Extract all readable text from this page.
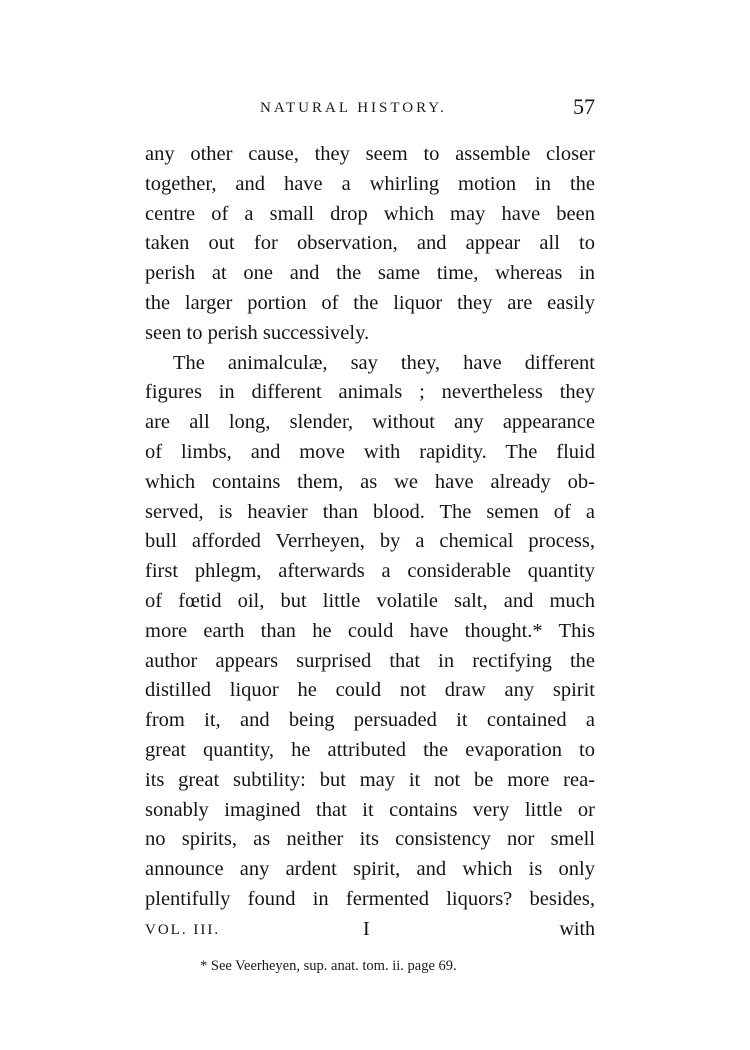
NATURAL HISTORY.	57
any other cause, they seem to assemble closer
together, and have a whirling motion in the
centre of a small drop which may have been
taken out for observation, and appear all to
perish at one and the same time, whereas in
the larger portion of the liquor they are easily
seen to perish successively.
The animalculæ, say they, have different
figures in different animals ; nevertheless they
are all long, slender, without any appearance
of limbs, and move with rapidity. The fluid
which contains them, as we have already ob-
served, is heavier than blood. The semen of a
bull afforded Verrheyen, by a chemical process,
first phlegm, afterwards a considerable quantity
of fœtid oil, but little volatile salt, and much
more earth than he could have thought.* This
author appears surprised that in rectifying the
distilled liquor he could not draw any spirit
from it, and being persuaded it contained a
great quantity, he attributed the evaporation to
its great subtility: but may it not be more rea-
sonably imagined that it contains very little or
no spirits, as neither its consistency nor smell
announce any ardent spirit, and which is only
plentifully found in fermented liquors? besides,
VOL. III.	I	with
* See Veerheyen, sup. anat. tom. ii. page 69.
